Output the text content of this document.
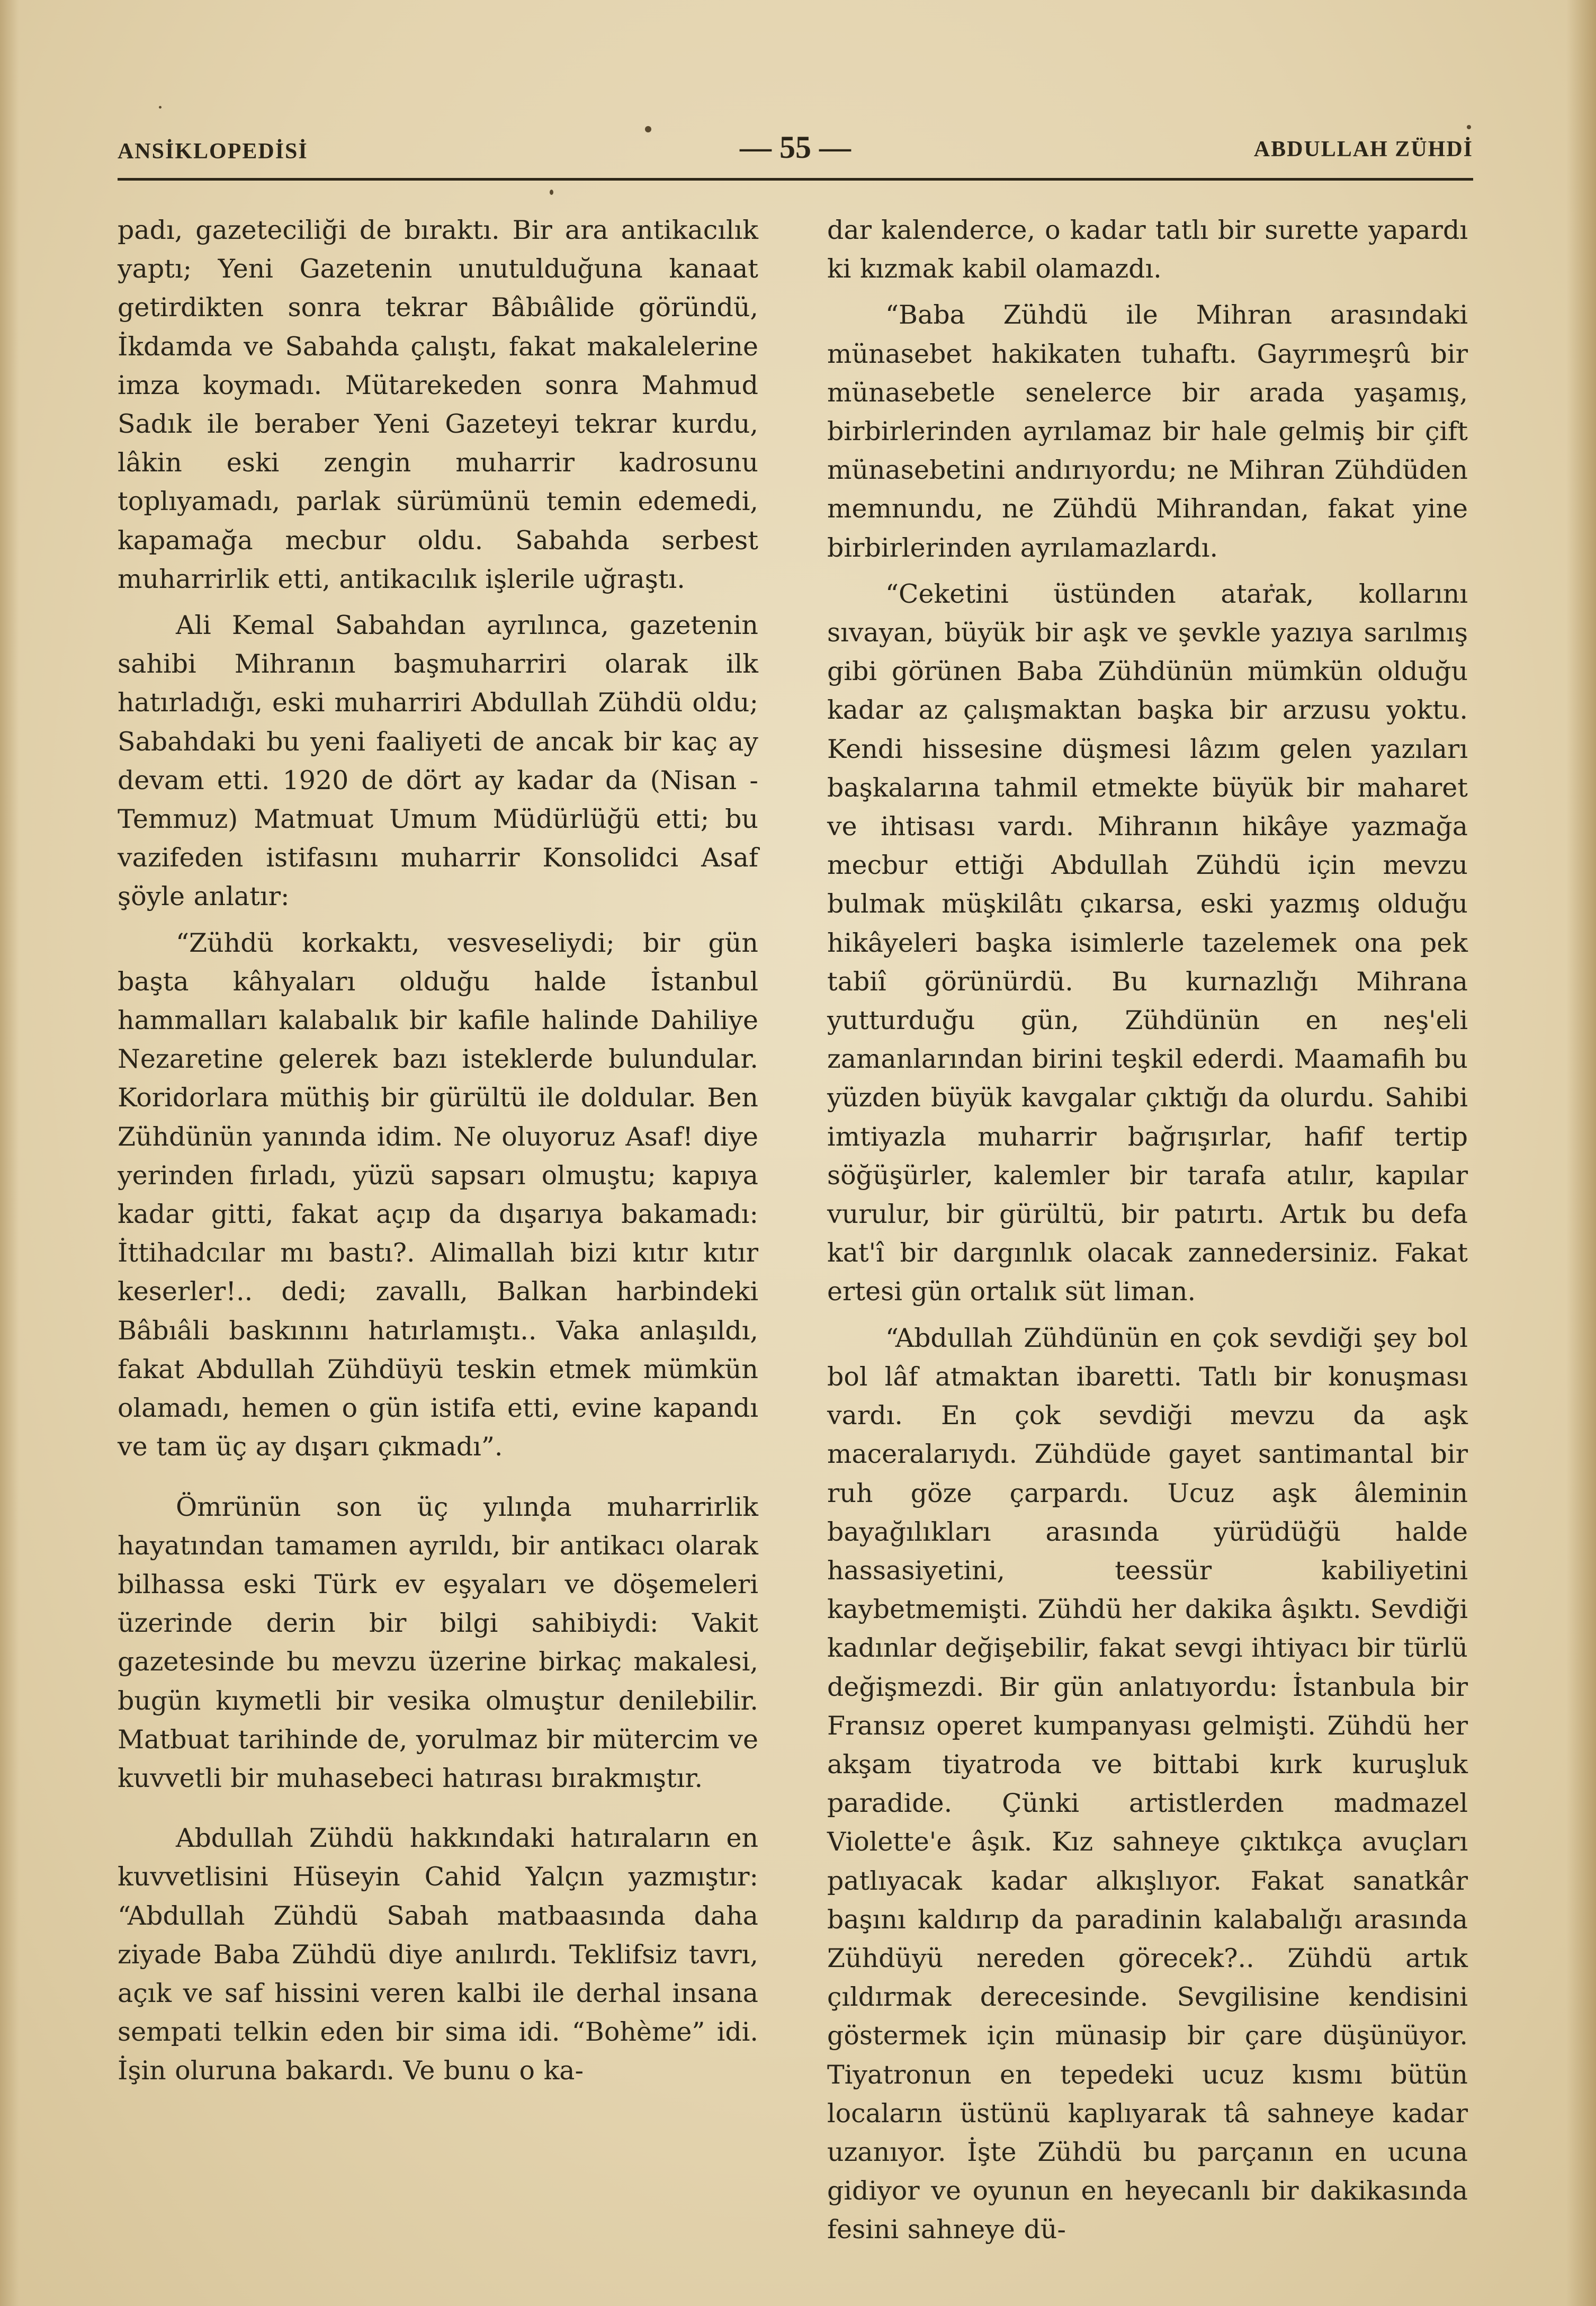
ANSİKLOPEDİSİ	— 55 —	ABDULLAH ZÜHDİ

padı, gazeteciliği de bıraktı. Bir ara antikacılık yaptı; Yeni Gazetenin unutulduğuna kanaat getirdikten sonra tekrar Bâbıâlide göründü, İkdamda ve Sabahda çalıştı, fakat makalelerine imza koymadı. Mütarekeden sonra Mahmud Sadık ile beraber Yeni Gazeteyi tekrar kurdu, lâkin eski zengin muharrir kadrosunu toplıyamadı, parlak sürümünü temin edemedi, kapamağa mecbur oldu. Sabahda serbest muharrirlik etti, antikacılık işlerile uğraştı.

Ali Kemal Sabahdan ayrılınca, gazetenin sahibi Mihranın başmuharriri olarak ilk hatırladığı, eski muharriri Abdullah Zühdü oldu; Sabahdaki bu yeni faaliyeti de ancak bir kaç ay devam etti. 1920 de dört ay kadar da (Nisan - Temmuz) Matmuat Umum Müdürlüğü etti; bu vazifeden istifasını muharrir Konsolidci Asaf şöyle anlatır:

“Zühdü korkaktı, vesveseliydi; bir gün başta kâhyaları olduğu halde İstanbul hammalları kalabalık bir kafile halinde Dahiliye Nezaretine gelerek bazı isteklerde bulundular. Koridorlara müthiş bir gürültü ile doldular. Ben Zühdünün yanında idim. Ne oluyoruz Asaf! diye yerinden fırladı, yüzü sapsarı olmuştu; kapıya kadar gitti, fakat açıp da dışarıya bakamadı: İttihadcılar mı bastı?. Alimallah bizi kıtır kıtır keserler!.. dedi; zavallı, Balkan harbindeki Bâbıâli baskınını hatırlamıştı.. Vaka anlaşıldı, fakat Abdullah Zühdüyü teskin etmek mümkün olamadı, hemen o gün istifa etti, evine kapandı ve tam üç ay dışarı çıkmadı”.

Ömrünün son üç yılında muharrirlik hayatından tamamen ayrıldı, bir antikacı olarak bilhassa eski Türk ev eşyaları ve döşemeleri üzerinde derin bir bilgi sahibiydi: Vakit gazetesinde bu mevzu üzerine birkaç makalesi, bugün kıymetli bir vesika olmuştur denilebilir. Matbuat tarihinde de, yorulmaz bir mütercim ve kuvvetli bir muhasebeci hatırası bırakmıştır.

Abdullah Zühdü hakkındaki hatıraların en kuvvetlisini Hüseyin Cahid Yalçın yazmıştır: “Abdullah Zühdü Sabah matbaasında daha ziyade Baba Zühdü diye anılırdı. Teklifsiz tavrı, açık ve saf hissini veren kalbi ile derhal insana sempati telkin eden bir sima idi. “Bohème” idi. İşin oluruna bakardı. Ve bunu o ka-

dar kalenderce, o kadar tatlı bir surette yapardı ki kızmak kabil olamazdı.

“Baba Zühdü ile Mihran arasındaki münasebet hakikaten tuhaftı. Gayrımeşrû bir münasebetle senelerce bir arada yaşamış, birbirlerinden ayrılamaz bir hale gelmiş bir çift münasebetini andırıyordu; ne Mihran Zühdüden memnundu, ne Zühdü Mihrandan, fakat yine birbirlerinden ayrılamazlardı.

“Ceketini üstünden atarak, kollarını sıvayan, büyük bir aşk ve şevkle yazıya sarılmış gibi görünen Baba Zühdünün mümkün olduğu kadar az çalışmaktan başka bir arzusu yoktu. Kendi hissesine düşmesi lâzım gelen yazıları başkalarına tahmil etmekte büyük bir maharet ve ihtisası vardı. Mihranın hikâye yazmağa mecbur ettiği Abdullah Zühdü için mevzu bulmak müşkilâtı çıkarsa, eski yazmış olduğu hikâyeleri başka isimlerle tazelemek ona pek tabiî görünürdü. Bu kurnazlığı Mihrana yutturduğu gün, Zühdünün en neş'eli zamanlarından birini teşkil ederdi. Maamafih bu yüzden büyük kavgalar çıktığı da olurdu. Sahibi imtiyazla muharrir bağrışırlar, hafif tertip söğüşürler, kalemler bir tarafa atılır, kapılar vurulur, bir gürültü, bir patırtı. Artık bu defa kat'î bir dargınlık olacak zannedersiniz. Fakat ertesi gün ortalık süt liman.

“Abdullah Zühdünün en çok sevdiği şey bol bol lâf atmaktan ibaretti. Tatlı bir konuşması vardı. En çok sevdiği mevzu da aşk maceralarıydı. Zühdüde gayet santimantal bir ruh göze çarpardı. Ucuz aşk âleminin bayağılıkları arasında yürüdüğü halde hassasiyetini, teessür kabiliyetini kaybetmemişti. Zühdü her dakika âşıktı. Sevdiği kadınlar değişebilir, fakat sevgi ihtiyacı bir türlü değişmezdi. Bir gün anlatıyordu: İstanbula bir Fransız operet kumpanyası gelmişti. Zühdü her akşam tiyatroda ve bittabi kırk kuruşluk paradide. Çünki artistlerden madmazel Violette'e âşık. Kız sahneye çıktıkça avuçları patlıyacak kadar alkışlıyor. Fakat sanatkâr başını kaldırıp da paradinin kalabalığı arasında Zühdüyü nereden görecek?.. Zühdü artık çıldırmak derecesinde. Sevgilisine kendisini göstermek için münasip bir çare düşünüyor. Tiyatronun en tepedeki ucuz kısmı bütün locaların üstünü kaplıyarak tâ sahneye kadar uzanıyor. İşte Zühdü bu parçanın en ucuna gidiyor ve oyunun en heyecanlı bir dakikasında fesini sahneye dü-
